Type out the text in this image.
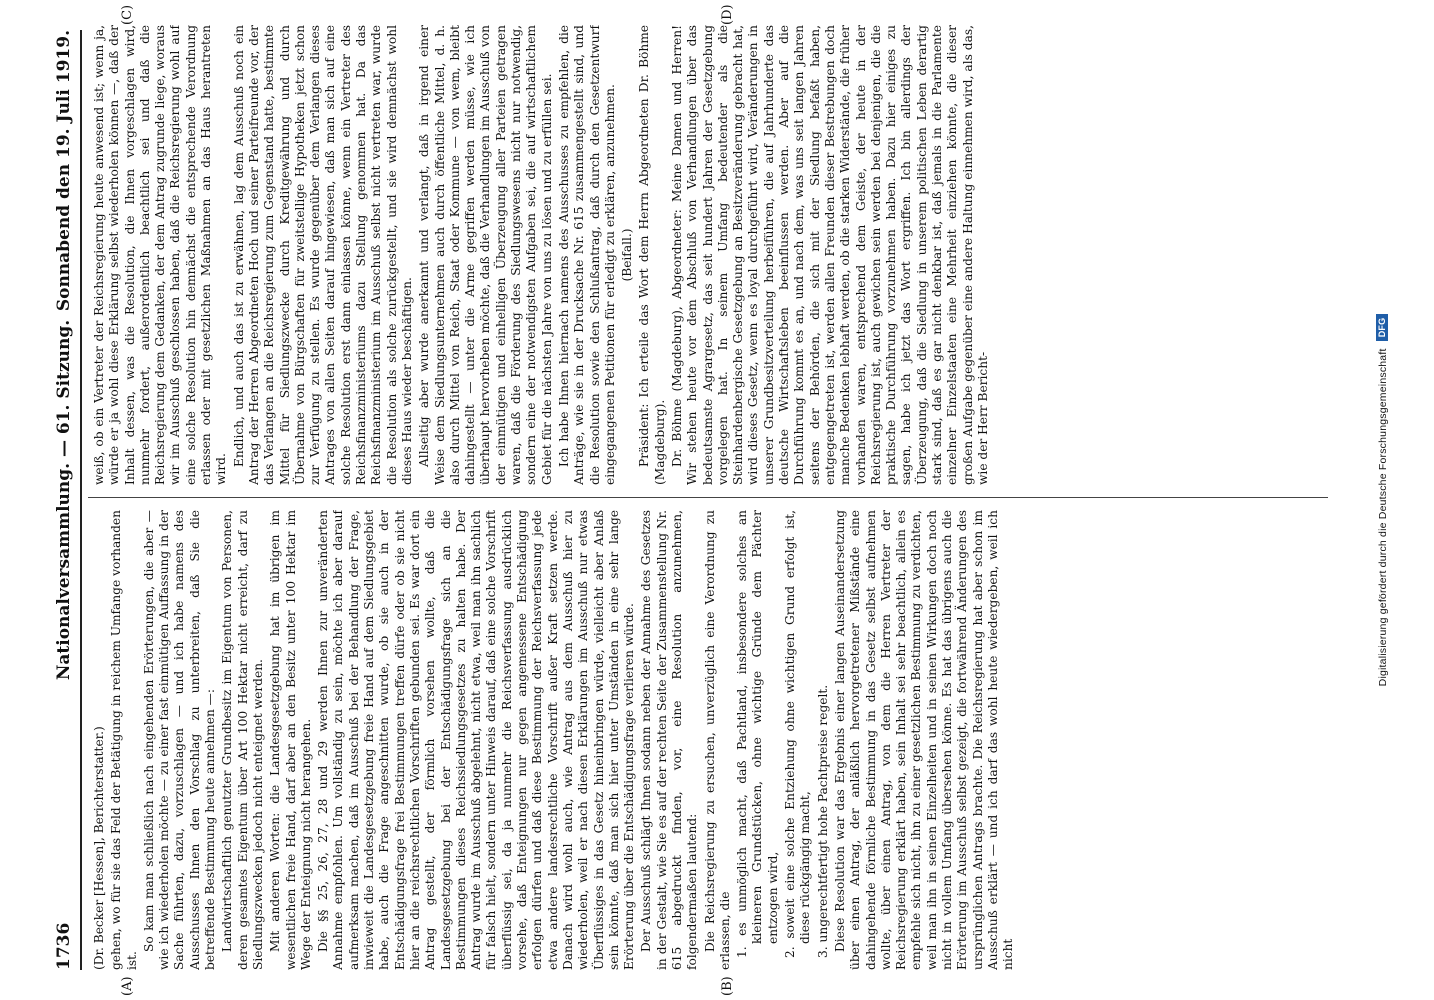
1736
Nationalversammlung. — 61. Sitzung.
Sonnabend den 19. Juli 1919.
(A)	(B)
(C)	(D)

(Dr. Becker [Hessen], Berichterstatter.) gehen, wo für sie das Feld der Betätigung in reichem Umfange vorhanden ist.

So kam man schließlich nach eingehenden Erörterungen, die aber — wie ich wiederholen möchte — zu einer fast einmütigen Auffassung in der Sache führten, dazu, vorzuschlagen — und ich habe namens des Ausschusses Ihnen den Vorschlag zu unterbreiten, daß Sie die betreffende Bestimmung heute annehmen —: Landwirtschaftlich genutzter Grundbesitz im Eigentum von Personen, deren gesamtes Eigentum über Art 100 Hektar nicht erreicht, darf zu Siedlungszwecken jedoch nicht enteignet werden. Mit anderen Worten: die Landesgesetzgebung hat im übrigen im wesentlichen freie Hand, darf aber an den Besitz unter 100 Hektar im Wege der Enteignung nicht herangehen. Die §§ 25, 26, 27, 28 und 29 werden Ihnen zur unveränderten Annahme empfohlen. Um vollständig zu sein, möchte ich aber darauf aufmerksam machen, daß im Ausschuß bei der Behandlung der Frage, inwieweit die Landesgesetzgebung freie Hand auf dem Siedlungsgebiet habe, auch die Frage angeschnitten wurde, ob sie auch in der Entschädigungsfrage frei Bestimmungen treffen dürfe oder ob sie nicht hier an die reichsrechtlichen Vorschriften gebunden sei. Es war dort ein Antrag gestellt, der förmlich vorsehen wollte, daß die Landesgesetzgebung bei der Entschädigungsfrage sich an die Bestimmungen dieses Reichssiedlungsgesetzes zu halten habe. Der Antrag wurde im Ausschuß abgelehnt, nicht etwa, weil man ihn sachlich für falsch hielt, sondern unter Hinweis darauf, daß eine solche Vorschrift überflüssig sei, da ja nunmehr die Reichsverfassung ausdrücklich vorsehe, daß Enteignungen nur gegen angemessene Entschädigung erfolgen dürfen und daß diese Bestimmung der Reichsverfassung jede etwa andere landesrechtliche Vorschrift außer Kraft setzen werde. Danach wird wohl auch, wie Antrag aus dem Ausschuß hier zu wiederholen, weil er nach diesen Erklärungen im Ausschuß nur etwas Überflüssiges in das Gesetz hineinbringen würde, vielleicht aber Anlaß sein könnte, daß man sich hier unter Umständen in eine sehr lange Erörterung über die Entschädigungsfrage verlieren würde. Der Ausschuß schlägt Ihnen sodann neben der Annahme des Gesetzes in der Gestalt, wie Sie es auf der rechten Seite der Zusammenstellung Nr. 615 abgedruckt finden, vor, eine Resolution anzunehmen, folgendermaßen lautend: Die Reichsregierung zu ersuchen, unverzüglich eine Verordnung zu erlassen, die 1. es unmöglich macht, daß Pachtland, insbesondere solches an kleineren Grundstücken, ohne wichtige Gründe dem Pächter entzogen wird, 2. soweit eine solche Entziehung ohne wichtigen Grund erfolgt ist, diese rückgängig macht, 3. ungerechtfertigt hohe Pachtpreise regelt. Diese Resolution war das Ergebnis einer langen Auseinandersetzung über einen Antrag, der anläßlich hervorgetretener Mißstände eine dahingehende förmliche Bestimmung in das Gesetz selbst aufnehmen wollte, über einen Antrag, von dem die Herren Vertreter der Reichsregierung erklärt haben, sein Inhalt sei sehr beachtlich, allein es empfehle sich nicht, ihn zu einer gesetzlichen Bestimmung zu verdichten, weil man ihn in seinen Einzelheiten und in seinen Wirkungen doch noch nicht in vollem Umfang übersehen könne. Es hat das übrigens auch die Erörterung im Ausschuß selbst gezeigt, die fortwährend Änderungen des ursprünglichen Antrags brachte. Die Reichsregierung hat aber schon im Ausschuß erklärt — und ich darf das wohl heute wiedergeben, weil ich nicht

weiß, ob ein Vertreter der Reichsregierung heute anwesend ist; wenn ja, würde er ja wohl diese Erklärung selbst wiederholen können —, daß der Inhalt dessen, was die Resolution, die Ihnen vorgeschlagen wird, nunmehr fordert, außerordentlich beachtlich sei und daß die Reichsregierung dem Gedanken, der dem Antrag zugrunde liege, woraus wir im Ausschuß geschlossen haben, daß die Reichsregierung wohl auf eine solche Resolution hin demnächst die entsprechende Verordnung erlassen oder mit gesetzlichen Maßnahmen an das Haus herantreten wird.

Endlich, und auch das ist zu erwähnen, lag dem Ausschuß noch ein Antrag der Herren Abgeordneten Hoch und seiner Parteifreunde vor, der das Verlangen an die Reichsregierung zum Gegenstand hatte, bestimmte Mittel für Siedlungszwecke durch Kreditgewährung und durch Übernahme von Bürgschaften für zweitstellige Hypotheken jetzt schon zur Verfügung zu stellen. Es wurde gegenüber dem Verlangen dieses Antrages von allen Seiten darauf hingewiesen, daß man sich auf eine solche Resolution erst dann einlassen könne, wenn ein Vertreter des Reichsfinanzministeriums dazu Stellung genommen hat. Da das Reichsfinanzministerium im Ausschuß selbst nicht vertreten war, wurde die Resolution als solche zurückgestellt, und sie wird demnächst wohl dieses Haus wieder beschäftigen. Allseitig aber wurde anerkannt und verlangt, daß in irgend einer Weise dem Siedlungsunternehmen auch durch öffentliche Mittel, d. h. also durch Mittel von Reich, Staat oder Kommune — von wem, bleibt dahingestellt — unter die Arme gegriffen werden müsse, wie ich überhaupt hervorheben möchte, daß die Verhandlungen im Ausschuß von der einmütigen und einhelligen Überzeugung aller Parteien getragen waren, daß die Förderung des Siedlungswesens nicht nur notwendig, sondern eine der notwendigsten Aufgaben sei, die auf wirtschaftlichem Gebiet für die nächsten Jahre von uns zu lösen und zu erfüllen sei. Ich habe Ihnen hiernach namens des Ausschusses zu empfehlen, die Anträge, wie sie in der Drucksache Nr. 615 zusammengestellt sind, und die Resolution sowie den Schlußantrag, daß durch den Gesetzentwurf eingegangenen Petitionen für erledigt zu erklären, anzunehmen. (Beifall.) Präsident: Ich erteile das Wort dem Herrn Abgeordneten Dr. Böhme (Magdeburg). Dr. Böhme (Magdeburg), Abgeordneter: Meine Damen und Herren! Wir stehen heute vor dem Abschluß von Verhandlungen über das bedeutsamste Agrargesetz, das seit hundert Jahren der Gesetzgebung vorgelegen hat. In seinem Umfang bedeutender als die Steinhardenbergische Gesetzgebung an Besitzveränderung gebracht hat, wird dieses Gesetz, wenn es loyal durchgeführt wird, Veränderungen in unserer Grundbesitzverteilung herbeiführen, die auf Jahrhunderte das deutsche Wirtschaftsleben beeinflussen werden. Aber auf die Durchführung kommt es an, und nach dem, was uns seit langen Jahren seitens der Behörden, die sich mit der Siedlung befaßt haben, entgegengetreten ist, werden allen Freunden dieser Bestrebungen doch manche Bedenken lebhaft werden, ob die starken Widerstände, die früher vorhanden waren, entsprechend dem Geiste, der heute in der Reichsregierung ist, auch gewichen sein werden bei denjenigen, die die praktische Durchführung vorzunehmen haben. Dazu hier einiges zu sagen, habe ich jetzt das Wort ergriffen. Ich bin allerdings der Überzeugung, daß die Siedlung in unserem politischen Leben derartig stark sind, daß es gar nicht denkbar ist, daß jemals in die Parlamente einzelner Einzelstaaten eine Mehrheit einziehen könnte, die dieser großen Aufgabe gegenüber eine andere Haltung einnehmen wird, als das, wie der Herr Bericht-	Digitalisierung gefördert durch die Deutsche Forschungsgemeinschaft DFG
